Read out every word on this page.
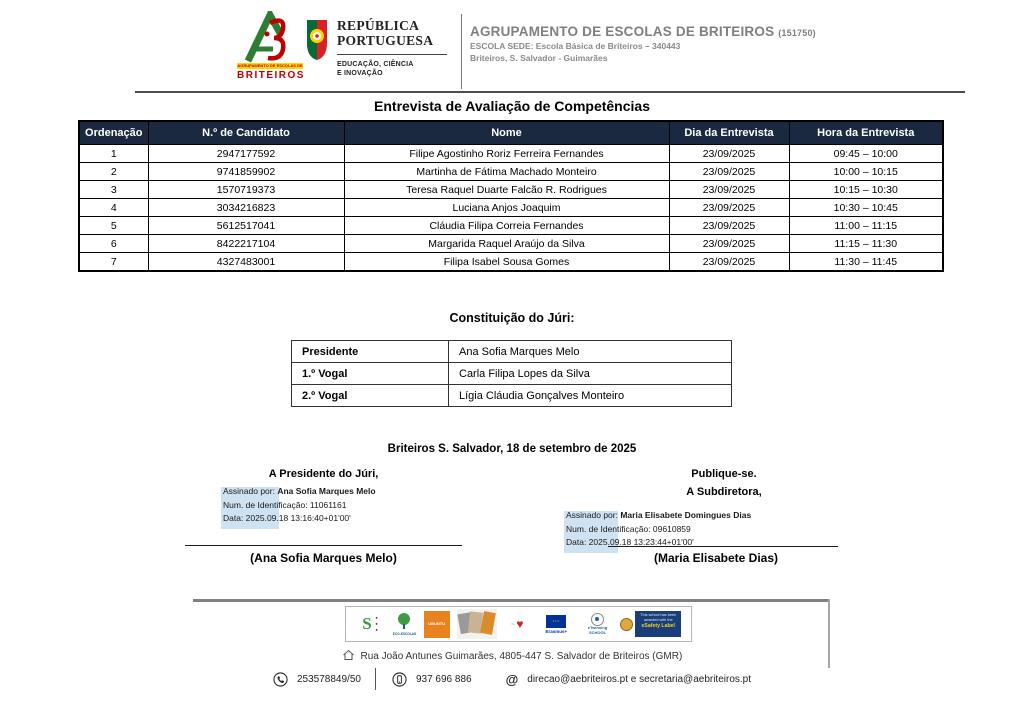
AGRUPAMENTO DE ESCOLAS DE
BRITEIROS
REPÚBLICA
PORTUGUESA
EDUCAÇÃO, CIÊNCIA
E INOVAÇÃO
AGRUPAMENTO DE ESCOLAS DE BRITEIROS (151750)
ESCOLA SEDE: Escola Básica de Briteiros – 340443
Briteiros, S. Salvador - Guimarães
Entrevista de Avaliação de Competências
Ordenação	N.º de Candidato	Nome	Dia da Entrevista	Hora da Entrevista
1	2947177592	Filipe Agostinho Roriz Ferreira Fernandes	23/09/2025	09:45 – 10:00
2	9741859902	Martinha de Fátima Machado Monteiro	23/09/2025	10:00 – 10:15
3	1570719373	Teresa Raquel Duarte Falcão R. Rodrigues	23/09/2025	10:15 – 10:30
4	3034216823	Luciana Anjos Joaquim	23/09/2025	10:30 – 10:45
5	5612517041	Cláudia Filipa Correia Fernandes	23/09/2025	11:00 – 11:15
6	8422217104	Margarida Raquel Araújo da Silva	23/09/2025	11:15 – 11:30
7	4327483001	Filipa Isabel Sousa Gomes	23/09/2025	11:30 – 11:45
Constituição do Júri:
Presidente	Ana Sofia Marques Melo
1.º Vogal	Carla Filipa Lopes da Silva
2.º Vogal	Lígia Cláudia Gonçalves Monteiro
Briteiros S. Salvador, 18 de setembro de 2025
A Presidente do Júri,	Publique-se.
A Subdiretora,
Assinado por: Ana Sofia Marques Melo
Num. de Identificação: 11061161
Data: 2025.09.18 13:16:40+01'00'	Assinado por: Maria Elisabete Domingues Dias
Num. de Identificação: 09610859
Data: 2025.09.18 13:23:44+01'00'
(Ana Sofia Marques Melo)	(Maria Elisabete Dias)
S ●●●
ECO-ESCOLAS
UBUNTU	~ ♥	•••
Erasmus+
eTwinning
SCHOOL
This school has been awarded with the
eSafety Label
Rua João Antunes Guimarães, 4805-447 S. Salvador de Briteiros (GMR)
253578849/50	937 696 886	@ direcao@aebriteiros.pt e secretaria@aebriteiros.pt
